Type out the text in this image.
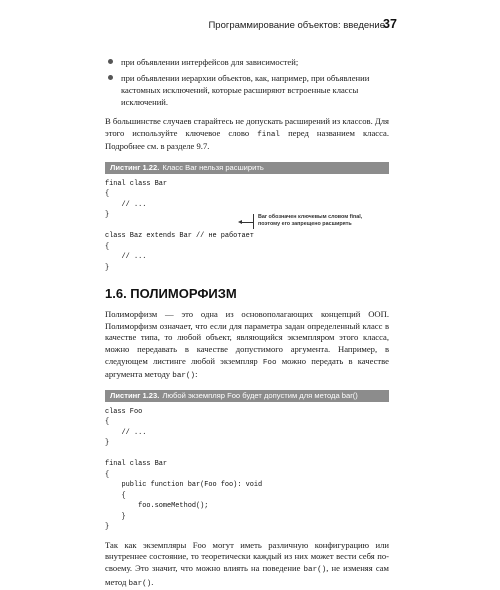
Программирование объектов: введение
37
при объявлении интерфейсов для зависимостей;
при объявлении иерархии объектов, как, например, при объявлении кастомных исключений, которые расширяют встроенные классы исключений.

В большинстве случаев старайтесь не допускать расширений из классов. Для этого используйте ключевое слово final перед названием класса. Подробнее см. в разделе 9.7.

Листинг 1.22. Класс Bar нельзя расширить
final class Bar
{
// ...
}

class Baz extends Bar // не работает
{
// ...
}
Bar обозначен ключевым словом final,
поэтому его запрещено расширять
1.6. ПОЛИМОРФИЗМ

Полиморфизм — это одна из основополагающих концепций ООП. Полиморфизм означает, что если для параметра задан определенный класс в качестве типа, то любой объект, являющийся экземпляром этого класса, можно передавать в качестве допустимого аргумента. Например, в следующем листинге любой экземпляр Foo можно передать в качестве аргумента методу bar():

Листинг 1.23. Любой экземпляр Foo будет допустим для метода bar()
class Foo
{
// ...
}

final class Bar
{
public function bar(Foo foo): void
{
foo.someMethod();
}
}

Так как экземпляры Foo могут иметь различную конфигурацию или внутреннее состояние, то теоретически каждый из них может вести себя по-своему. Это значит, что можно влиять на поведение bar(), не изменяя сам метод bar().
